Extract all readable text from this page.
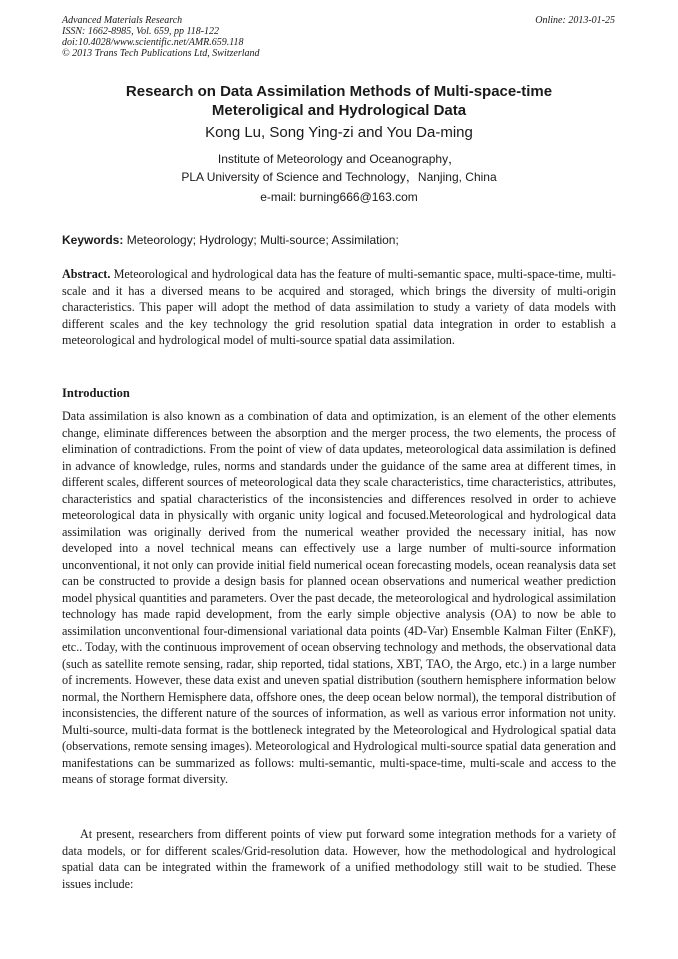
Advanced Materials Research
ISSN: 1662-8985, Vol. 659, pp 118-122
doi:10.4028/www.scientific.net/AMR.659.118
© 2013 Trans Tech Publications Ltd, Switzerland
Online: 2013-01-25
Research on Data Assimilation Methods of Multi-space-time
Meteroligical and Hydrological Data
Kong Lu, Song Ying-zi and You Da-ming
Institute of Meteorology and Oceanography，
PLA University of Science and Technology，Nanjing, China
e-mail: burning666@163.com
Keywords: Meteorology; Hydrology; Multi-source; Assimilation;
Abstract. Meteorological and hydrological data has the feature of multi-semantic space, multi-space-time, multi-scale and it has a diversed means to be acquired and storaged, which brings the diversity of multi-origin characteristics. This paper will adopt the method of data assimilation to study a variety of data models with different scales and the key technology the grid resolution spatial data integration in order to establish a meteorological and hydrological model of multi-source spatial data assimilation.
Introduction
Data assimilation is also known as a combination of data and optimization, is an element of the other elements change, eliminate differences between the absorption and the merger process, the two elements, the process of elimination of contradictions. From the point of view of data updates, meteorological data assimilation is defined in advance of knowledge, rules, norms and standards under the guidance of the same area at different times, in different scales, different sources of meteorological data they scale characteristics, time characteristics, attributes, characteristics and spatial characteristics of the inconsistencies and differences resolved in order to achieve meteorological data in physically with organic unity logical and focused.Meteorological and hydrological data assimilation was originally derived from the numerical weather provided the necessary initial, has now developed into a novel technical means can effectively use a large number of multi-source information unconventional, it not only can provide initial field numerical ocean forecasting models, ocean reanalysis data set can be constructed to provide a design basis for planned ocean observations and numerical weather prediction model physical quantities and parameters. Over the past decade, the meteorological and hydrological assimilation technology has made rapid development, from the early simple objective analysis (OA) to now be able to assimilation unconventional four-dimensional variational data points (4D-Var) Ensemble Kalman Filter (EnKF), etc.. Today, with the continuous improvement of ocean observing technology and methods, the observational data (such as satellite remote sensing, radar, ship reported, tidal stations, XBT, TAO, the Argo, etc.) in a large number of increments. However, these data exist and uneven spatial distribution (southern hemisphere information below normal, the Northern Hemisphere data, offshore ones, the deep ocean below normal), the temporal distribution of inconsistencies, the different nature of the sources of information, as well as various error information not unity. Multi-source, multi-data format is the bottleneck integrated by the Meteorological and Hydrological spatial data (observations, remote sensing images). Meteorological and Hydrological multi-source spatial data generation and manifestations can be summarized as follows: multi-semantic, multi-space-time, multi-scale and access to the means of storage format diversity.
At present, researchers from different points of view put forward some integration methods for a variety of data models, or for different scales/Grid-resolution data. However, how the methodological and hydrological spatial data can be integrated within the framework of a unified methodology still wait to be studied. These issues include:
